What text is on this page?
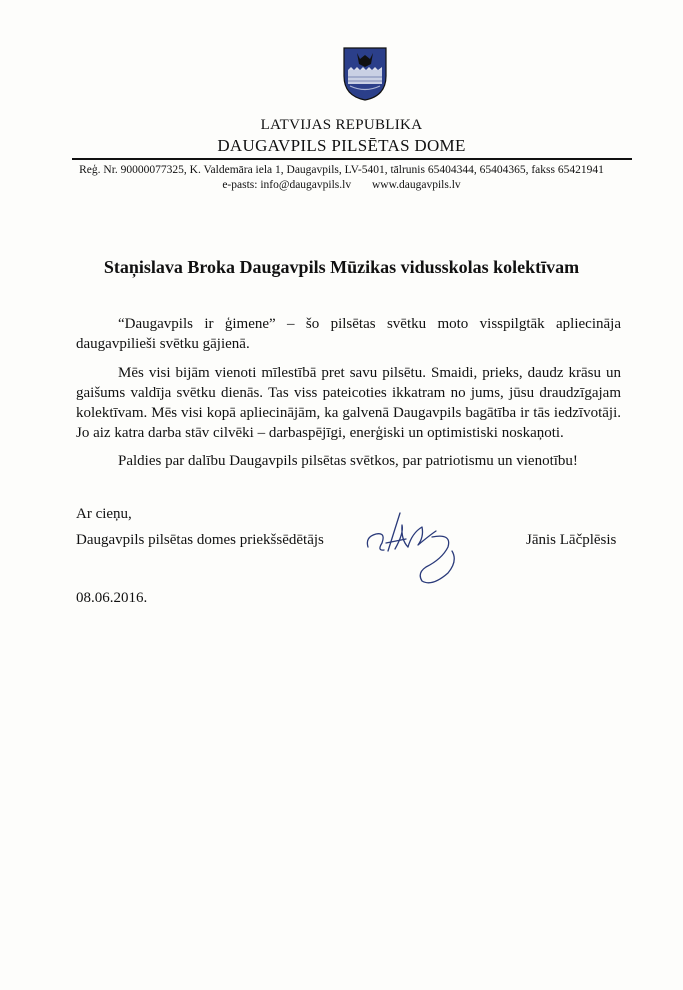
LATVIJAS REPUBLIKA
DAUGAVPILS PILSĒTAS DOME
Reģ. Nr. 90000077325, K. Valdemāra iela 1, Daugavpils, LV-5401, tālrunis 65404344, 65404365, fakss 65421941
e-pasts: info@daugavpils.lv www.daugavpils.lv
Staņislava Broka Daugavpils Mūzikas vidusskolas kolektīvam
“Daugavpils ir ģimene” – šo pilsētas svētku moto visspilgtāk apliecināja daugavpilieši svētku gājienā.
Mēs visi bijām vienoti mīlestībā pret savu pilsētu. Smaidi, prieks, daudz krāsu un gaišums valdīja svētku dienās. Tas viss pateicoties ikkatram no jums, jūsu draudzīgajam kolektīvam. Mēs visi kopā apliecinājām, ka galvenā Daugavpils bagātība ir tās iedzīvotāji. Jo aiz katra darba stāv cilvēki – darbaspējīgi, enerģiski un optimistiski noskaņoti.
Paldies par dalību Daugavpils pilsētas svētkos, par patriotismu un vienotību!
Ar cieņu,
Daugavpils pilsētas domes priekšsēdētājs	Jānis Lāčplēsis
08.06.2016.
